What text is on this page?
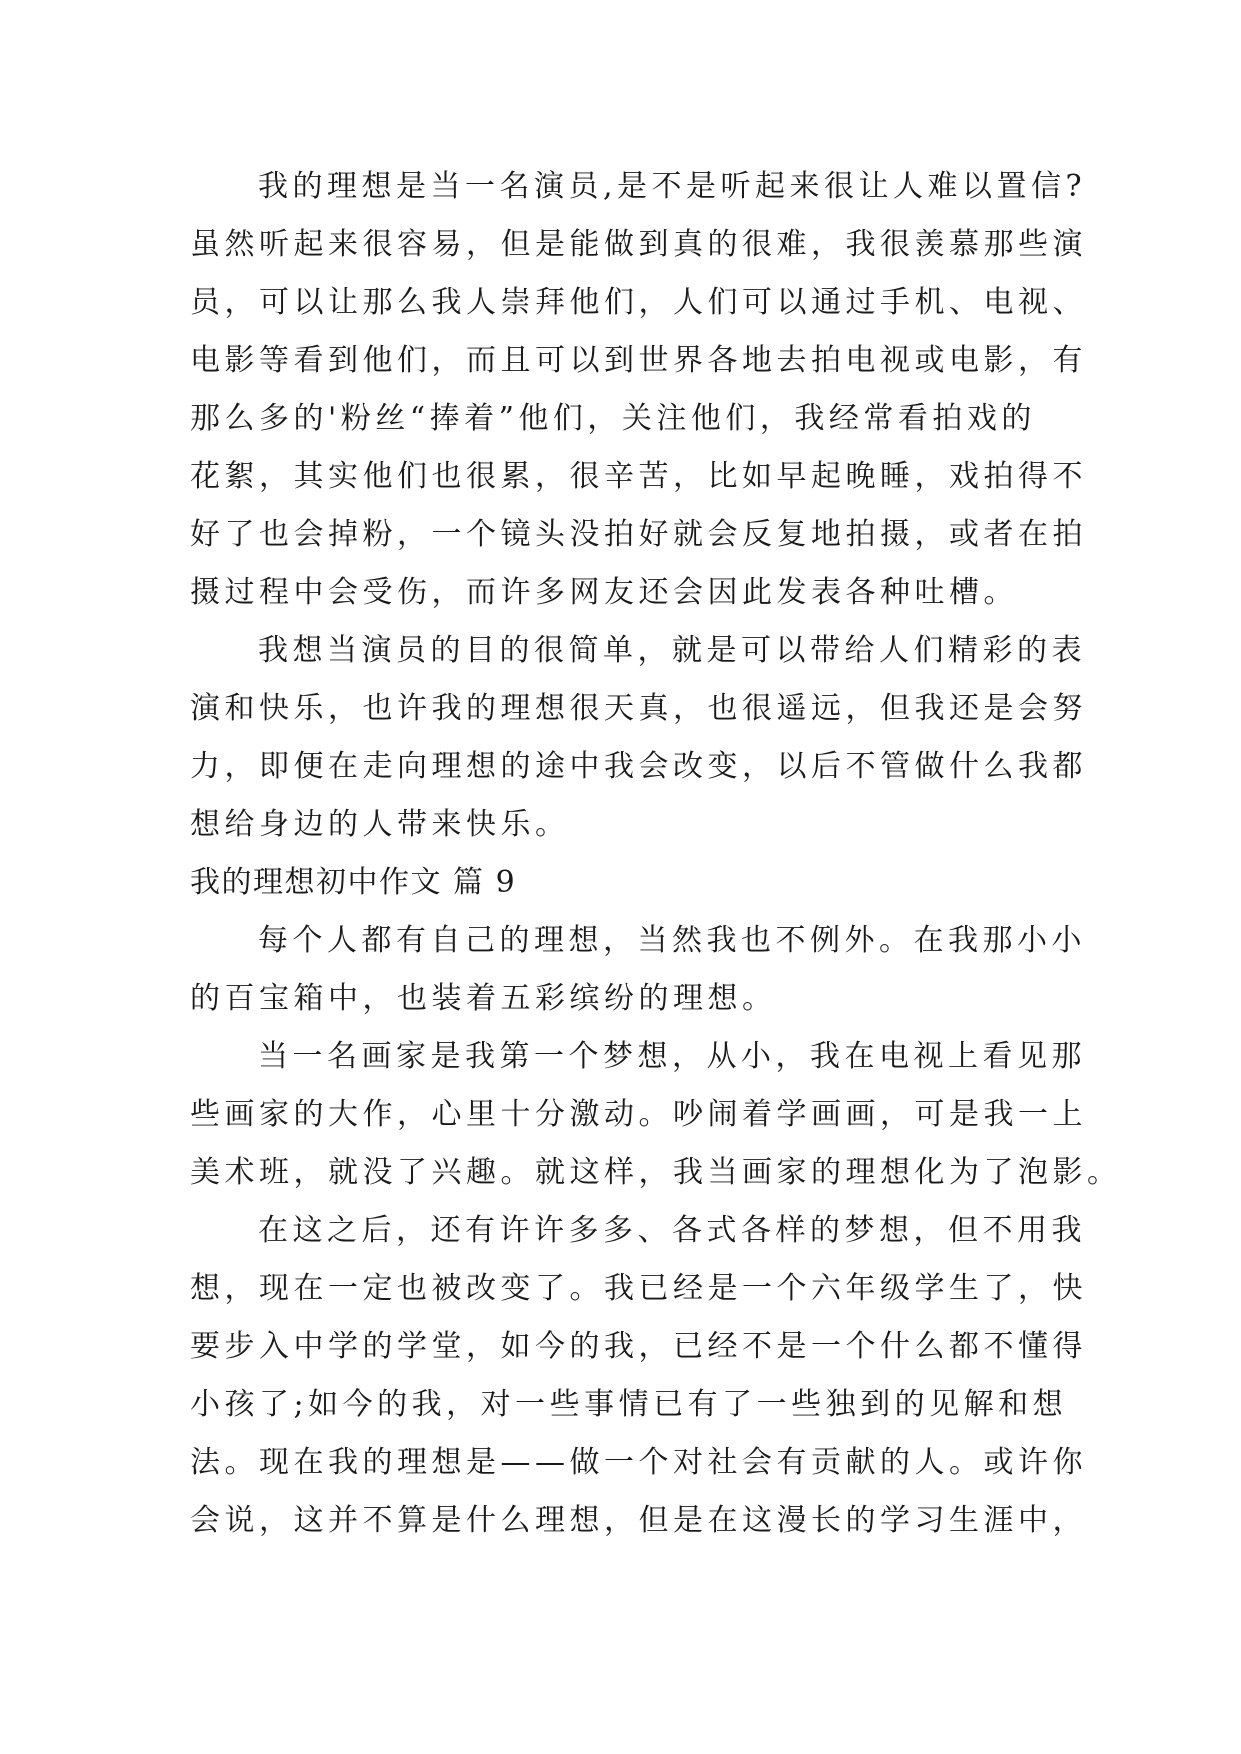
我的理想是当一名演员,是不是听起来很让人难以置信?
虽然听起来很容易，但是能做到真的很难，我很羡慕那些演
员，可以让那么我人崇拜他们，人们可以通过手机、电视、
电影等看到他们，而且可以到世界各地去拍电视或电影，有
那么多的'粉丝“捧着”他们，关注他们，我经常看拍戏的
花絮，其实他们也很累，很辛苦，比如早起晚睡，戏拍得不
好了也会掉粉，一个镜头没拍好就会反复地拍摄，或者在拍
摄过程中会受伤，而许多网友还会因此发表各种吐槽。
我想当演员的目的很简单，就是可以带给人们精彩的表
演和快乐，也许我的理想很天真，也很遥远，但我还是会努
力，即便在走向理想的途中我会改变，以后不管做什么我都
想给身边的人带来快乐。
我的理想初中作文 篇 9
每个人都有自己的理想，当然我也不例外。在我那小小
的百宝箱中，也装着五彩缤纷的理想。
当一名画家是我第一个梦想，从小，我在电视上看见那
些画家的大作，心里十分激动。吵闹着学画画，可是我一上
美术班，就没了兴趣。就这样，我当画家的理想化为了泡影。
在这之后，还有许许多多、各式各样的梦想，但不用我
想，现在一定也被改变了。我已经是一个六年级学生了，快
要步入中学的学堂，如今的我，已经不是一个什么都不懂得
小孩了;如今的我，对一些事情已有了一些独到的见解和想
法。现在我的理想是——做一个对社会有贡献的人。或许你
会说，这并不算是什么理想，但是在这漫长的学习生涯中，
